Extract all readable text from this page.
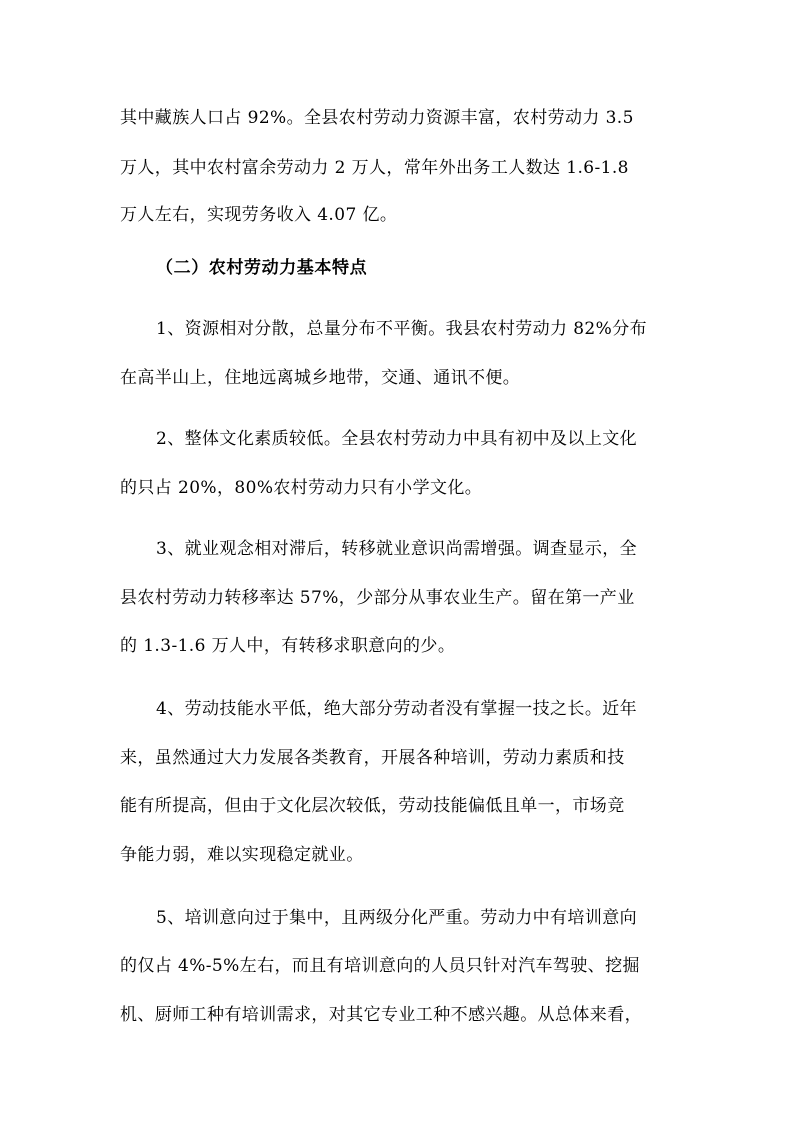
其中藏族人口占 92%。全县农村劳动力资源丰富，农村劳动力 3.5
万人，其中农村富余劳动力 2 万人，常年外出务工人数达 1.6-1.8
万人左右，实现劳务收入 4.07 亿。
（二）农村劳动力基本特点
1、资源相对分散，总量分布不平衡。我县农村劳动力 82%分布
在高半山上，住地远离城乡地带，交通、通讯不便。
2、整体文化素质较低。全县农村劳动力中具有初中及以上文化
的只占 20%，80%农村劳动力只有小学文化。
3、就业观念相对滞后，转移就业意识尚需增强。调查显示，全
县农村劳动力转移率达 57%，少部分从事农业生产。留在第一产业
的 1.3-1.6 万人中，有转移求职意向的少。
4、劳动技能水平低，绝大部分劳动者没有掌握一技之长。近年
来，虽然通过大力发展各类教育，开展各种培训，劳动力素质和技
能有所提高，但由于文化层次较低，劳动技能偏低且单一，市场竞
争能力弱，难以实现稳定就业。
5、培训意向过于集中，且两级分化严重。劳动力中有培训意向
的仅占 4%-5%左右，而且有培训意向的人员只针对汽车驾驶、挖掘
机、厨师工种有培训需求，对其它专业工种不感兴趣。从总体来看，
